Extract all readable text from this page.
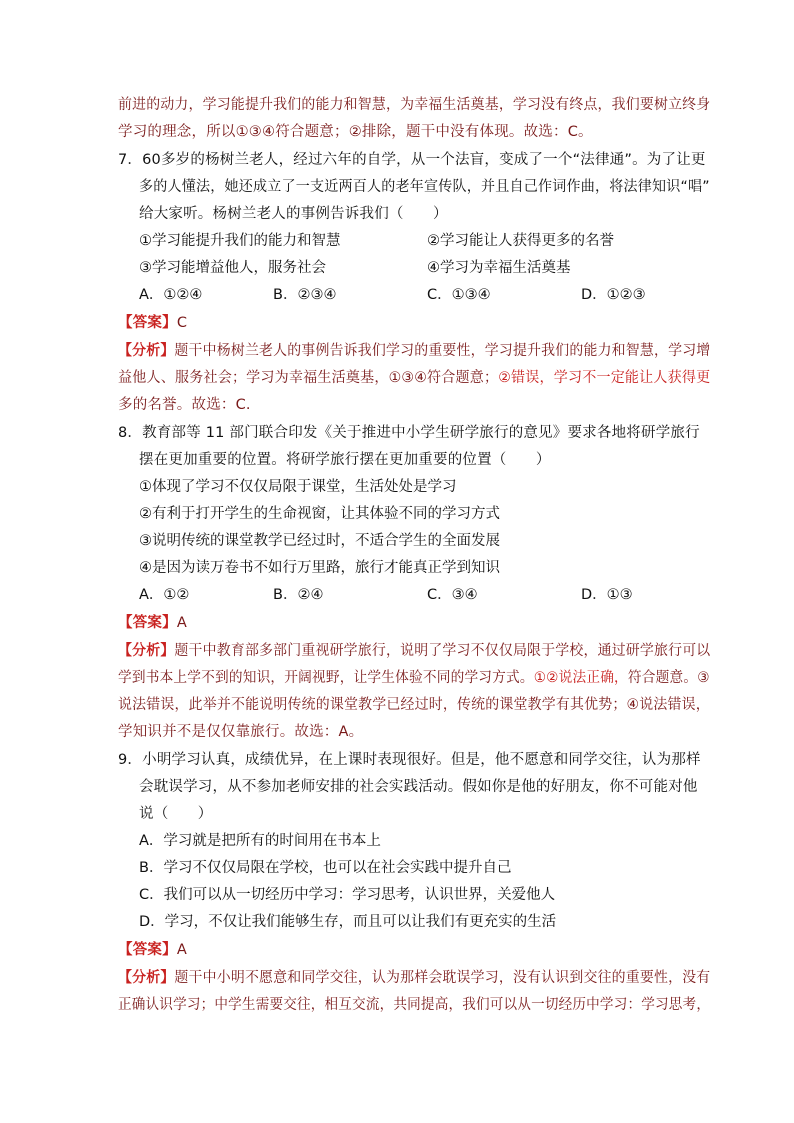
前进的动力，学习能提升我们的能力和智慧，为幸福生活奠基，学习没有终点，我们要树立终身
学习的理念，所以①③④符合题意；②排除，题干中没有体现。故选：C。
7．60多岁的杨树兰老人，经过六年的自学，从一个法盲，变成了一个“法律通”。为了让更
多的人懂法，她还成立了一支近两百人的老年宣传队，并且自己作词作曲，将法律知识“唱”
给大家听。杨树兰老人的事例告诉我们（　　）
①学习能提升我们的能力和智慧	②学习能让人获得更多的名誉
③学习能增益他人，服务社会	④学习为幸福生活奠基
A．①②④	B．②③④	C．①③④	D．①②③
【答案】C
【分析】题干中杨树兰老人的事例告诉我们学习的重要性，学习提升我们的能力和智慧，学习增
益他人、服务社会；学习为幸福生活奠基，①③④符合题意；②错误，学习不一定能让人获得更
多的名誉。故选：C.
8．教育部等 11 部门联合印发《关于推进中小学生研学旅行的意见》要求各地将研学旅行
摆在更加重要的位置。将研学旅行摆在更加重要的位置（　　）
①体现了学习不仅仅局限于课堂，生活处处是学习
②有利于打开学生的生命视窗，让其体验不同的学习方式
③说明传统的课堂教学已经过时，不适合学生的全面发展
④是因为读万卷书不如行万里路，旅行才能真正学到知识
A．①②	B．②④	C．③④	D．①③
【答案】A
【分析】题干中教育部多部门重视研学旅行，说明了学习不仅仅局限于学校，通过研学旅行可以
学到书本上学不到的知识，开阔视野，让学生体验不同的学习方式。①②说法正确，符合题意。③
说法错误，此举并不能说明传统的课堂教学已经过时，传统的课堂教学有其优势；④说法错误，
学知识并不是仅仅靠旅行。故选：A。
9．小明学习认真，成绩优异，在上课时表现很好。但是，他不愿意和同学交往，认为那样
会耽误学习，从不参加老师安排的社会实践活动。假如你是他的好朋友，你不可能对他
说（　　）
A．学习就是把所有的时间用在书本上
B．学习不仅仅局限在学校，也可以在社会实践中提升自己
C．我们可以从一切经历中学习：学习思考，认识世界，关爱他人
D．学习，不仅让我们能够生存，而且可以让我们有更充实的生活
【答案】A
【分析】题干中小明不愿意和同学交往，认为那样会耽误学习，没有认识到交往的重要性，没有
正确认识学习；中学生需要交往，相互交流，共同提高，我们可以从一切经历中学习：学习思考，
